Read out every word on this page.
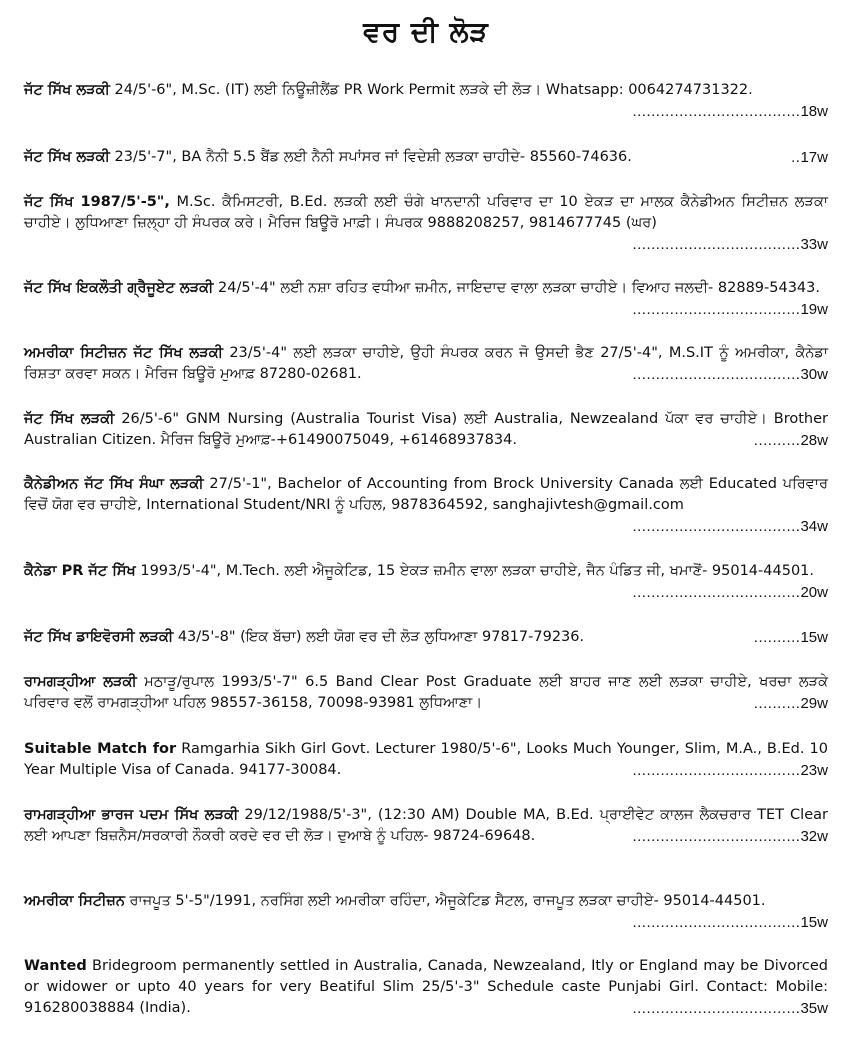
ਵਰ ਦੀ ਲੋੜ

ਜੱਟ ਸਿੱਖ ਲੜਕੀ 24/5'-6", M.Sc. (IT) ਲਈ ਨਿਊਜ਼ੀਲੈਂਡ PR Work Permit ਲੜਕੇ ਦੀ ਲੋੜ। Whatsapp: 0064274731322.
..... 18w

ਜੱਟ ਸਿੱਖ ਲੜਕੀ 23/5'-7", BA ਨੈਨੀ 5.5 ਬੈਂਡ ਲਈ ਨੈਨੀ ਸਪਾਂਸਰ ਜਾਂ ਵਿਦੇਸ਼ੀ ਲੜਕਾ ਚਾਹੀਦੇ- 85560-74636.	.. 17w

ਜੱਟ ਸਿੱਖ 1987/5'-5", M.Sc. ਕੈਮਿਸਟਰੀ, B.Ed. ਲੜਕੀ ਲਈ ਚੰਗੇ ਖਾਨਦਾਨੀ ਪਰਿਵਾਰ ਦਾ 10 ਏਕੜ ਦਾ ਮਾਲਕ ਕੈਨੇਡੀਅਨ ਸਿਟੀਜ਼ਨ ਲੜਕਾ ਚਾਹੀਏ। ਲੁਧਿਆਣਾ ਜ਼ਿਲ੍ਹਾ ਹੀ ਸੰਪਰਕ ਕਰੇ। ਮੈਰਿਜ ਬਿਊਰੋ ਮਾਫ਼ੀ। ਸੰਪਰਕ 9888208257, 9814677745 (ਘਰ)
..... 33w

ਜੱਟ ਸਿੱਖ ਇਕਲੌਤੀ ਗ੍ਰੈਜੂਏਟ ਲੜਕੀ 24/5'-4" ਲਈ ਨਸ਼ਾ ਰਹਿਤ ਵਧੀਆ ਜ਼ਮੀਨ, ਜਾਇਦਾਦ ਵਾਲਾ ਲੜਕਾ ਚਾਹੀਏ। ਵਿਆਹ ਜਲਦੀ- 82889-54343.
..... 19w

ਅਮਰੀਕਾ ਸਿਟੀਜ਼ਨ ਜੱਟ ਸਿੱਖ ਲੜਕੀ 23/5'-4" ਲਈ ਲੜਕਾ ਚਾਹੀਏ, ਉਹੀ ਸੰਪਰਕ ਕਰਨ ਜੋ ਉਸਦੀ ਭੈਣ 27/5'-4", M.S.IT ਨੂੰ ਅਮਰੀਕਾ, ਕੈਨੇਡਾ ਰਿਸ਼ਤਾ ਕਰਵਾ ਸਕਨ। ਮੈਰਿਜ ਬਿਊਰੋ ਮੁਆਫ਼ 87280-02681.	..... 30w

ਜੱਟ ਸਿੱਖ ਲੜਕੀ 26/5'-6" GNM Nursing (Australia Tourist Visa) ਲਈ Australia, Newzealand ਪੱਕਾ ਵਰ ਚਾਹੀਏ। Brother Australian Citizen. ਮੈਰਿਜ ਬਿਊਰੋ ਮੁਆਫ਼-+61490075049, +61468937834.	..... 28w

ਕੈਨੇਡੀਅਨ ਜੱਟ ਸਿੱਖ ਸੰਘਾ ਲੜਕੀ 27/5'-1", Bachelor of Accounting from Brock University Canada ਲਈ Educated ਪਰਿਵਾਰ ਵਿਚੋਂ ਯੋਗ ਵਰ ਚਾਹੀਏ, International Student/NRI ਨੂੰ ਪਹਿਲ, 9878364592, sanghajivtesh@gmail.com
..... 34w

ਕੈਨੇਡਾ PR ਜੱਟ ਸਿੱਖ 1993/5'-4", M.Tech. ਲਈ ਐਜੂਕੇਟਿਡ, 15 ਏਕੜ ਜ਼ਮੀਨ ਵਾਲਾ ਲੜਕਾ ਚਾਹੀਏ, ਜੈਨ ਪੰਡਿਤ ਜੀ, ਖਮਾਣੋਂ- 95014-44501.
..... 20w

ਜੱਟ ਸਿੱਖ ਡਾਇਵੋਰਸੀ ਲੜਕੀ 43/5'-8" (ਇਕ ਬੱਚਾ) ਲਈ ਯੋਗ ਵਰ ਦੀ ਲੋੜ ਲੁਧਿਆਣਾ 97817-79236.	..... 15w

ਰਾਮਗੜ੍ਹੀਆ ਲੜਕੀ ਮਠਾੜੂ/ਰੁਪਾਲ 1993/5'-7" 6.5 Band Clear Post Graduate ਲਈ ਬਾਹਰ ਜਾਣ ਲਈ ਲੜਕਾ ਚਾਹੀਏ, ਖਰਚਾ ਲੜਕੇ ਪਰਿਵਾਰ ਵਲੋਂ ਰਾਮਗੜ੍ਹੀਆ ਪਹਿਲ 98557-36158, 70098-93981 ਲੁਧਿਆਣਾ।	..... 29w

Suitable Match for Ramgarhia Sikh Girl Govt. Lecturer 1980/5'-6", Looks Much Younger, Slim, M.A., B.Ed. 10 Year Multiple Visa of Canada. 94177-30084.	..... 23w

ਰਾਮਗੜ੍ਹੀਆ ਭਾਰਜ ਪਦਮ ਸਿੱਖ ਲੜਕੀ 29/12/1988/5'-3", (12:30 AM) Double MA, B.Ed. ਪ੍ਰਾਈਵੇਟ ਕਾਲਜ ਲੈਕਚਰਾਰ TET Clear ਲਈ ਆਪਣਾ ਬਿਜ਼ਨੈਸ/ਸਰਕਾਰੀ ਨੌਕਰੀ ਕਰਦੇ ਵਰ ਦੀ ਲੋੜ। ਦੁਆਬੇ ਨੂੰ ਪਹਿਲ- 98724-69648.	..... 32w

ਅਮਰੀਕਾ ਸਿਟੀਜ਼ਨ ਰਾਜਪੂਤ 5'-5"/1991, ਨਰਸਿੰਗ ਲਈ ਅਮਰੀਕਾ ਰਹਿੰਦਾ, ਐਜੂਕੇਟਿਡ ਸੈਟਲ, ਰਾਜਪੂਤ ਲੜਕਾ ਚਾਹੀਏ- 95014-44501.
..... 15w

Wanted Bridegroom permanently settled in Australia, Canada, Newzealand, Itly or England may be Divorced or widower or upto 40 years for very Beatiful Slim 25/5'-3" Schedule caste Punjabi Girl. Contact: Mobile: 916280038884 (India).	..... 35w
